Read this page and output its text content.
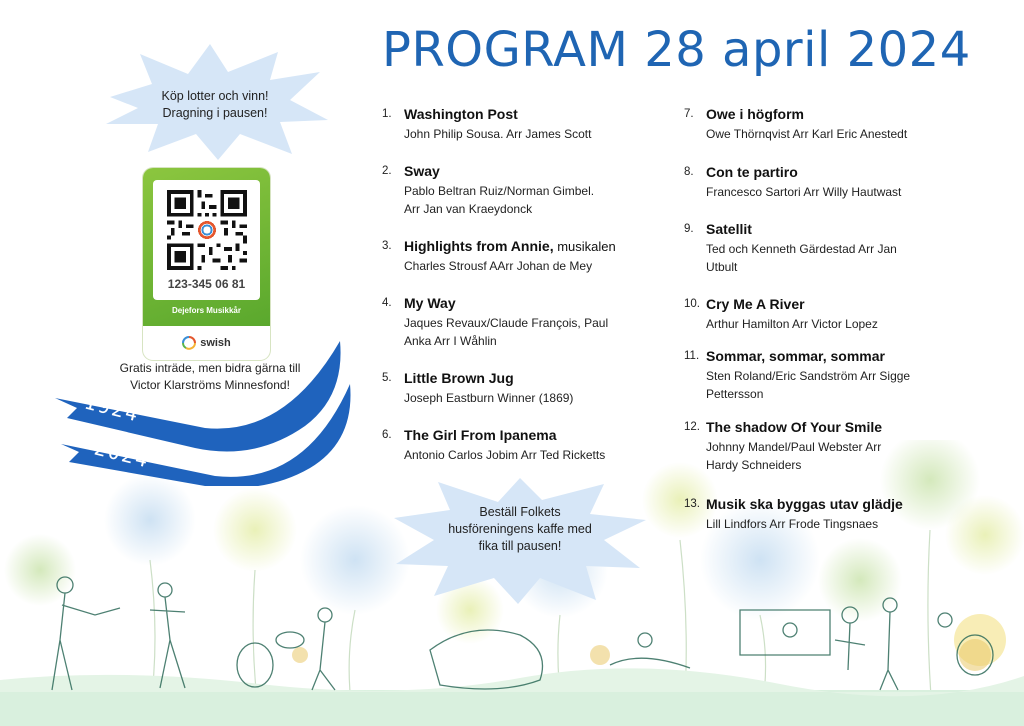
PROGRAM 28 april 2024
Köp lotter och vinn!
Dragning i pausen!
123-345 06 81
Dejefors Musikkår
swish
1924
2024
Gratis inträde, men bidra gärna till
Victor Klarströms Minnesfond!
1. Washington Post
John Philip Sousa. Arr James Scott
2. Sway
Pablo Beltran Ruiz/Norman Gimbel.
Arr Jan van Kraeydonck
3. Highlights from Annie, musikalen
Charles Strousf AArr Johan de Mey
4. My Way
Jaques Revaux/Claude François, Paul
Anka Arr I Wåhlin
5. Little Brown Jug
Joseph Eastburn Winner (1869)
6. The Girl From Ipanema
Antonio Carlos Jobim Arr Ted Ricketts
7. Owe i högform
Owe Thörnqvist Arr Karl Eric Anestedt
8. Con te partiro
Francesco Sartori Arr Willy Hautwast
9. Satellit
Ted och Kenneth Gärdestad Arr Jan
Utbult
10. Cry Me A River
Arthur Hamilton Arr Victor Lopez
11. Sommar, sommar, sommar
Sten Roland/Eric Sandström Arr Sigge
Pettersson
12. The shadow Of Your Smile
Johnny Mandel/Paul Webster Arr
Hardy Schneiders
13. Musik ska byggas utav glädje
Lill Lindfors Arr Frode Tingsnaes
Beställ Folkets
husföreningens kaffe med
fika till pausen!
